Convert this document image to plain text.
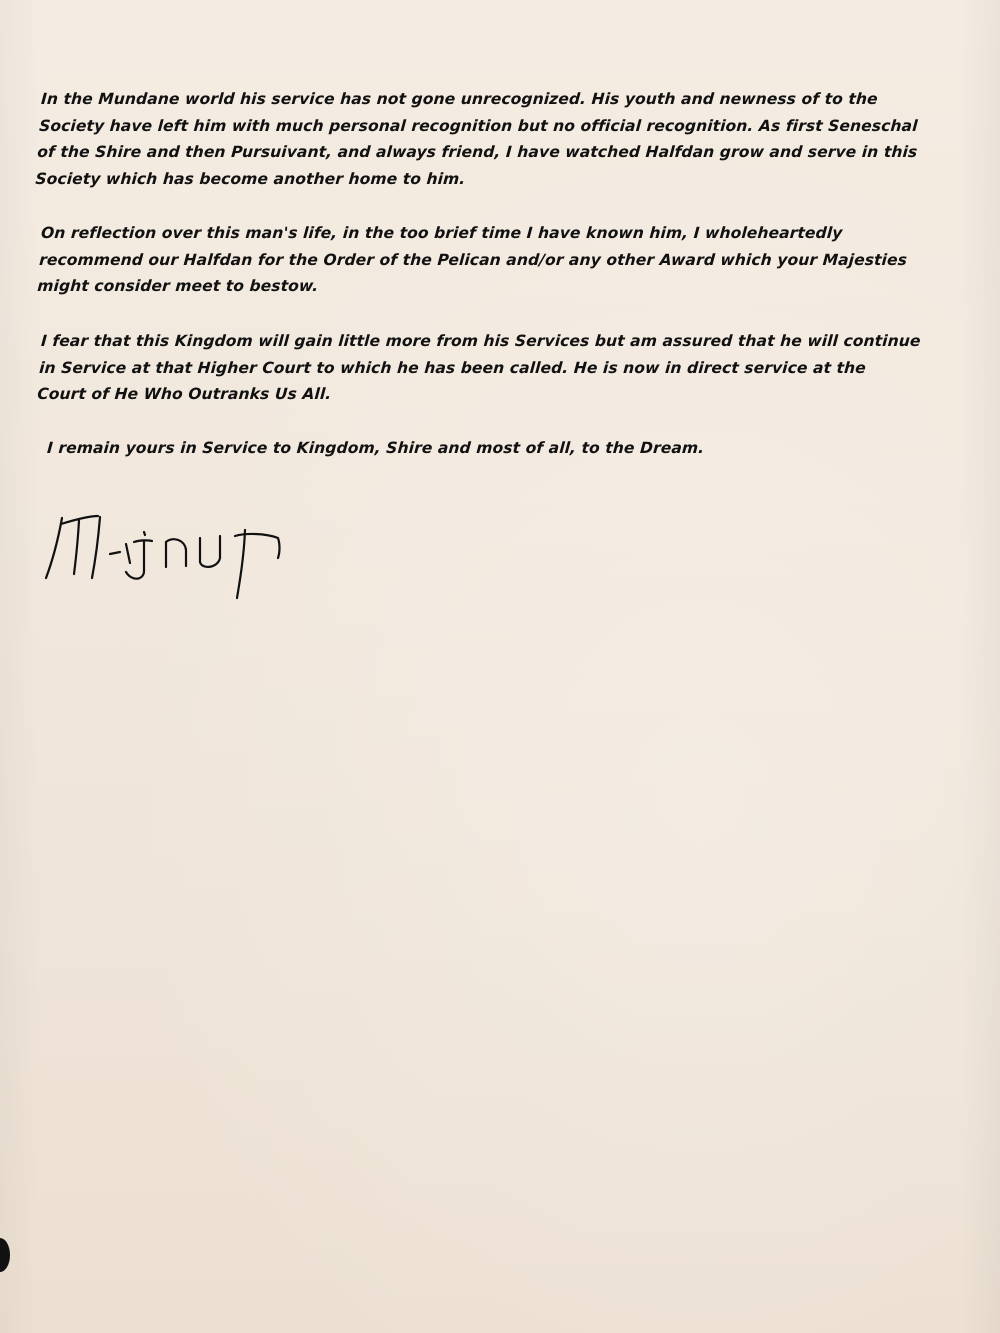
In the Mundane world his service has not gone unrecognized. His youth and newness of to the Society have left him with much personal recognition but no official recognition. As first Seneschal of the Shire and then Pursuivant, and always friend, I have watched Halfdan grow and serve in this Society which has become another home to him.

On reflection over this man's life, in the too brief time I have known him, I wholeheartedly recommend our Halfdan for the Order of the Pelican and/or any other Award which your Majesties might consider meet to bestow.

I fear that this Kingdom will gain little more from his Services but am assured that he will continue in Service at that Higher Court to which he has been called. He is now in direct service at the Court of He Who Outranks Us All.

I remain yours in Service to Kingdom, Shire and most of all, to the Dream.
